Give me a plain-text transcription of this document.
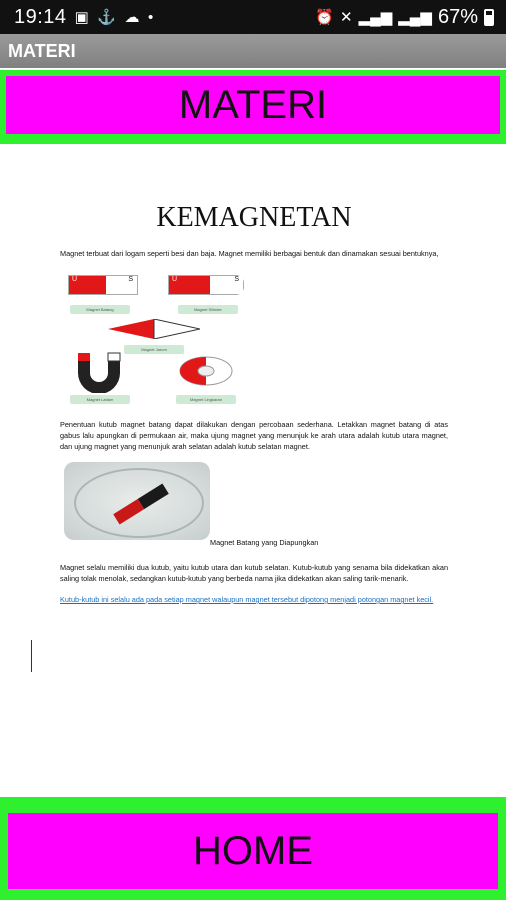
19:14 ▣ ⚓ ☁ •	⏰ ✕ ▂▄▆ ▂▄▆ 67%
MATERI
MATERI
KEMAGNETAN

Magnet terbuat dari logam seperti besi dan baja. Magnet memiliki berbagai bentuk dan dinamakan sesuai bentuknya,

U	S
Magnet Batang
U	S
Magnet Silinder
Magnet Jarum
Magnet Ladam	Magnet Lingkaran

Penentuan kutub magnet batang dapat dilakukan dengan percobaan sederhana. Letakkan magnet batang di atas gabus lalu apungkan di permukaan air, maka ujung magnet yang menunjuk ke arah utara adalah kutub utara magnet, dan ujung magnet yang menunjuk arah selatan adalah kutub selatan magnet.

Magnet Batang yang Diapungkan

Magnet selalu memiliki dua kutub, yaitu kutub utara dan kutub selatan. Kutub-kutub yang senama bila didekatkan akan saling tolak menolak, sedangkan kutub-kutub yang berbeda nama jika didekatkan akan saling tarik-menarik.

Kutub-kutub ini selalu ada pada setiap magnet walaupun magnet tersebut dipotong menjadi potongan magnet kecil.

HOME
